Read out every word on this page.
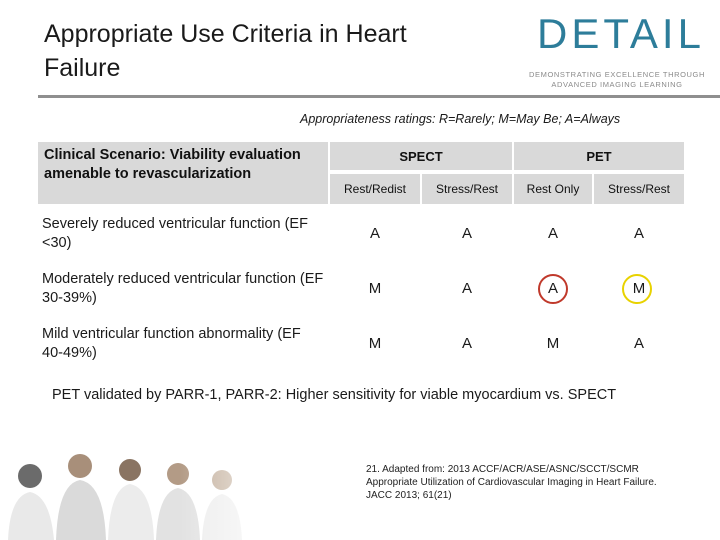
Appropriate Use Criteria in Heart Failure
DETAIL
DEMONSTRATING EXCELLENCE THROUGH
ADVANCED IMAGING LEARNING
Appropriateness ratings: R=Rarely; M=May Be; A=Always
Clinical Scenario: Viability evaluation amenable to revascularization
SPECT	PET
Rest/Redist	Stress/Rest	Rest Only	Stress/Rest
Severely reduced ventricular function (EF <30)
A	A	A	A
Moderately reduced ventricular function (EF 30-39%)
M	A	A	M
Mild ventricular function abnormality (EF 40-49%)
M	A	M	A
PET validated by PARR-1, PARR-2: Higher sensitivity for viable myocardium vs. SPECT
21. Adapted from: 2013 ACCF/ACR/ASE/ASNC/SCCT/SCMR Appropriate Utilization of Cardiovascular Imaging in Heart Failure. JACC 2013; 61(21)
